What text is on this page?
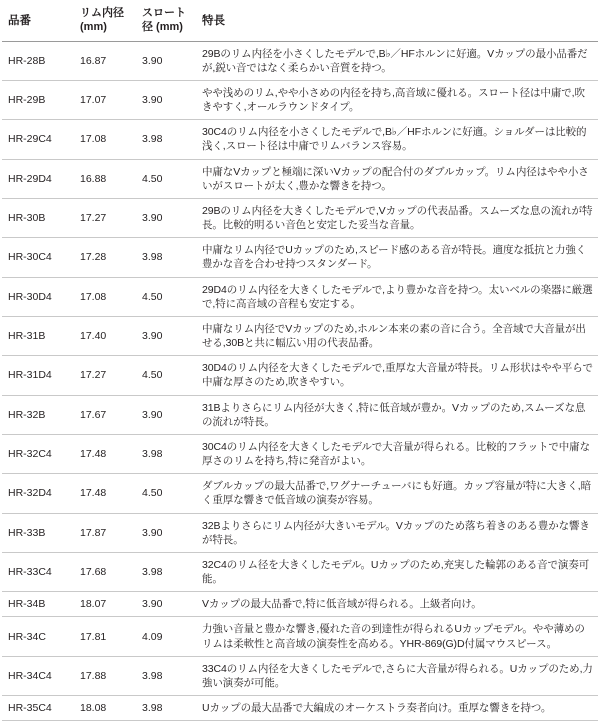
品番	リム内径 (mm)	スロート径 (mm)	特長
HR-28B	16.87	3.90	29Bのリム内径を小さくしたモデルで,B♭／HFホルンに好適。Vカップの最小品番だが,鋭い音ではなく柔らかい音質を持つ。
HR-29B	17.07	3.90	やや浅めのリム,やや小さめの内径を持ち,高音域に優れる。スロート径は中庸で,吹きやすく,オールラウンドタイプ。
HR-29C4	17.08	3.98	30C4のリム内径を小さくしたモデルで,B♭／HFホルンに好適。ショルダーは比較的浅く,スロート径は中庸でリムバランス容易。
HR-29D4	16.88	4.50	中庸なVカップと極端に深いVカップの配合付のダブルカップ。リム内径はやや小さいがスロートが太く,豊かな響きを持つ。
HR-30B	17.27	3.90	29Bのリム内径を大きくしたモデルで,Vカップの代表品番。スムーズな息の流れが特長。比較的明るい音色と安定した妥当な音量。
HR-30C4	17.28	3.98	中庸なリム内径でUカップのため,スピード感のある音が特長。適度な抵抗と力強く豊かな音を合わせ持つスタンダード。
HR-30D4	17.08	4.50	29D4のリム内径を大きくしたモデルで,より豊かな音を持つ。太いベルの楽器に厳選で,特に高音域の音程も安定する。
HR-31B	17.40	3.90	中庸なリム内径でVカップのため,ホルン本来の素の音に合う。全音域で大音量が出せる,30Bと共に幅広い用の代表品番。
HR-31D4	17.27	4.50	30D4のリム内径を大きくしたモデルで,重厚な大音量が特長。リム形状はやや平らで中庸な厚さのため,吹きやすい。
HR-32B	17.67	3.90	31Bよりさらにリム内径が大きく,特に低音域が豊か。Vカップのため,スムーズな息の流れが特長。
HR-32C4	17.48	3.98	30C4のリム内径を大きくしたモデルで大音量が得られる。比較的フラットで中庸な厚さのリムを持ち,特に発音がよい。
HR-32D4	17.48	4.50	ダブルカップの最大品番で,ワグナーチューバにも好適。カップ容量が特に大きく,暗く重厚な響きで低音域の演奏が容易。
HR-33B	17.87	3.90	32Bよりさらにリム内径が大きいモデル。Vカップのため落ち着きのある豊かな響きが特長。
HR-33C4	17.68	3.98	32C4のリム径を大きくしたモデル。Uカップのため,充実した輪郭のある音で演奏可能。
HR-34B	18.07	3.90	Vカップの最大品番で,特に低音域が得られる。上級者向け。
HR-34C	17.81	4.09	力強い音量と豊かな響き,優れた音の到達性が得られるUカップモデル。やや薄めのリムは柔軟性と高音域の演奏性を高める。YHR-869(G)D付属マウスピース。
HR-34C4	17.88	3.98	33C4のリム内径を大きくしたモデルで,さらに大音量が得られる。Uカップのため,力強い演奏が可能。
HR-35C4	18.08	3.98	Uカップの最大品番で大編成のオーケストラ奏者向け。重厚な響きを持つ。
